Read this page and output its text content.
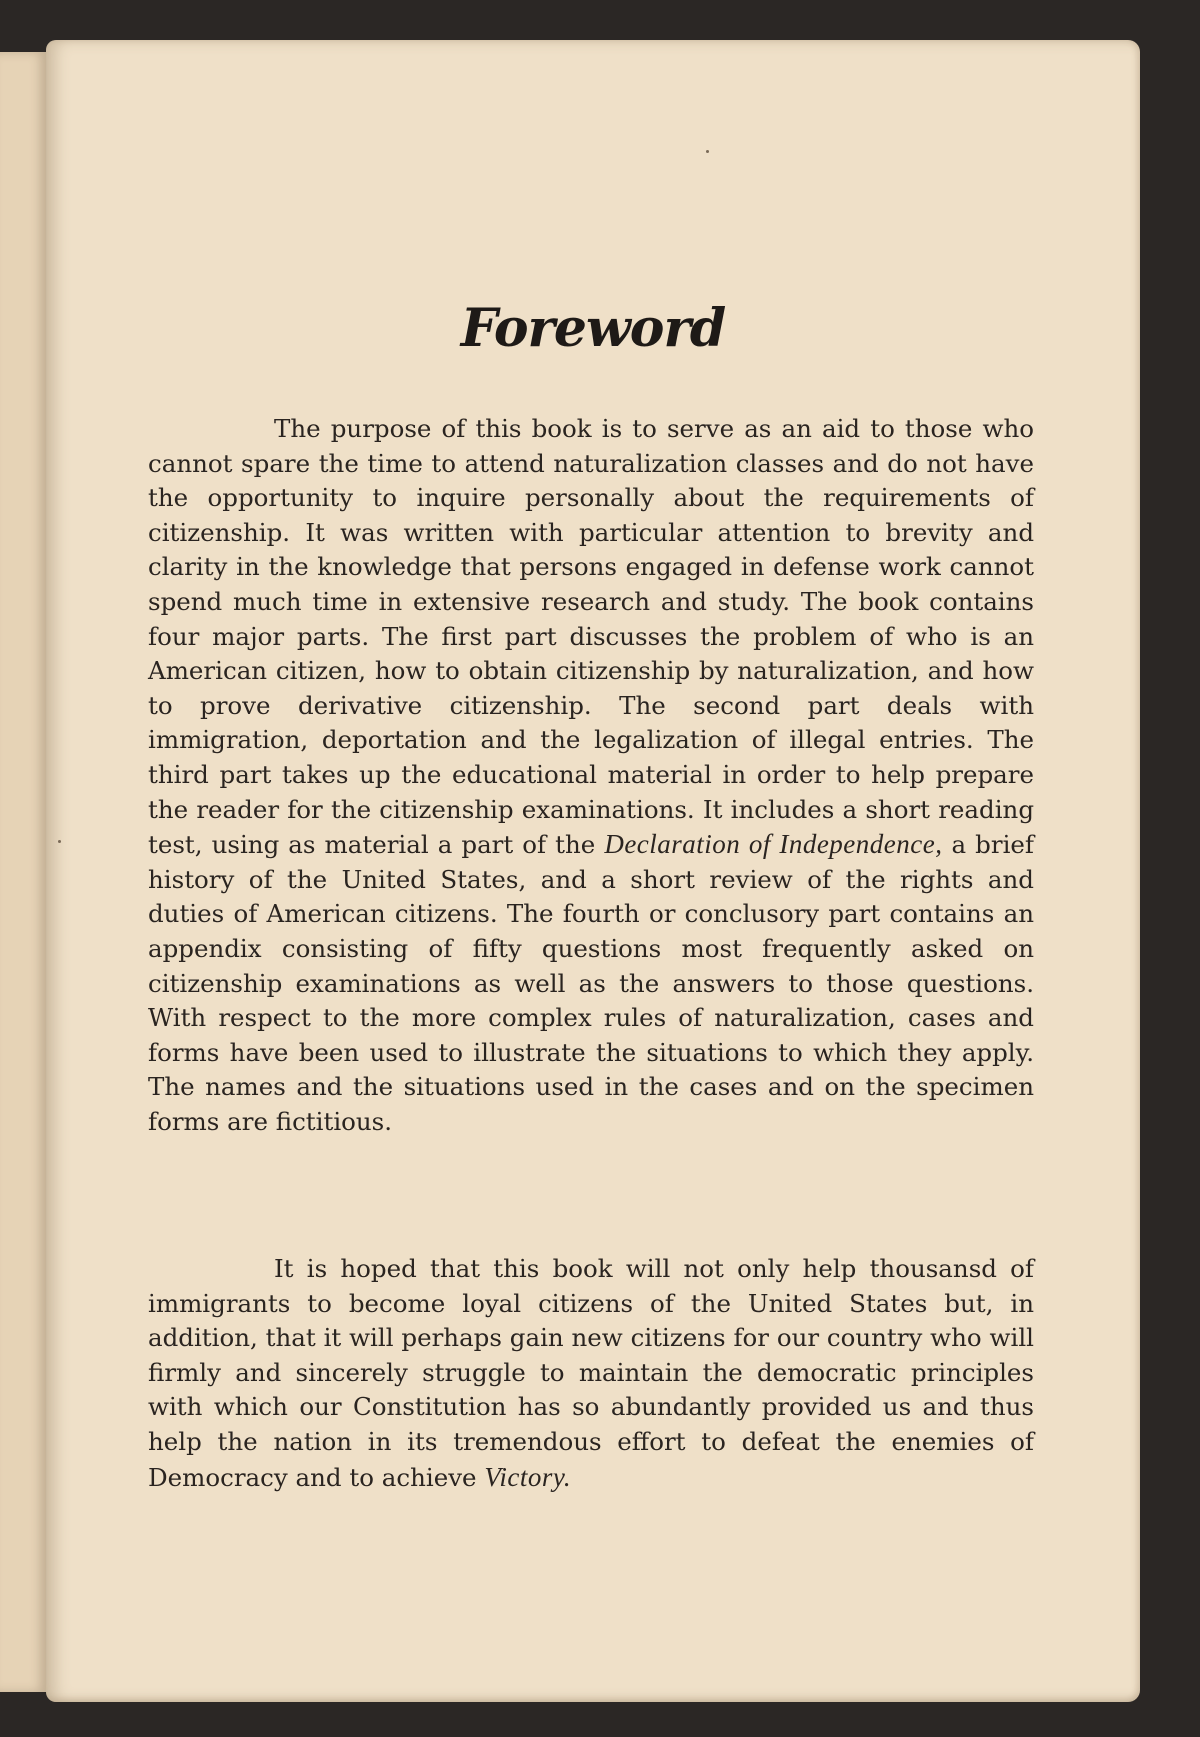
Foreword

The purpose of this book is to serve as an aid to those who cannot spare the time to attend naturalization classes and do not have the opportunity to inquire personally about the requirements of citizenship. It was written with particular attention to brevity and clarity in the knowledge that persons engaged in defense work cannot spend much time in extensive research and study. The book contains four major parts. The first part discusses the problem of who is an American citizen, how to obtain citizenship by naturalization, and how to prove derivative citizenship. The second part deals with immigration, deportation and the legalization of illegal entries. The third part takes up the educational material in order to help prepare the reader for the citizenship examinations. It includes a short reading test, using as material a part of the Declaration of Independence, a brief history of the United States, and a short review of the rights and duties of American citizens. The fourth or conclusory part contains an appendix consisting of fifty questions most frequently asked on citizenship examinations as well as the answers to those questions. With respect to the more complex rules of naturalization, cases and forms have been used to illustrate the situations to which they apply. The names and the situations used in the cases and on the specimen forms are fictitious.

It is hoped that this book will not only help thousansd of immigrants to become loyal citizens of the United States but, in addition, that it will perhaps gain new citizens for our country who will firmly and sincerely struggle to maintain the democratic principles with which our Constitution has so abundantly provided us and thus help the nation in its tremendous effort to defeat the enemies of Democracy and to achieve Victory.
